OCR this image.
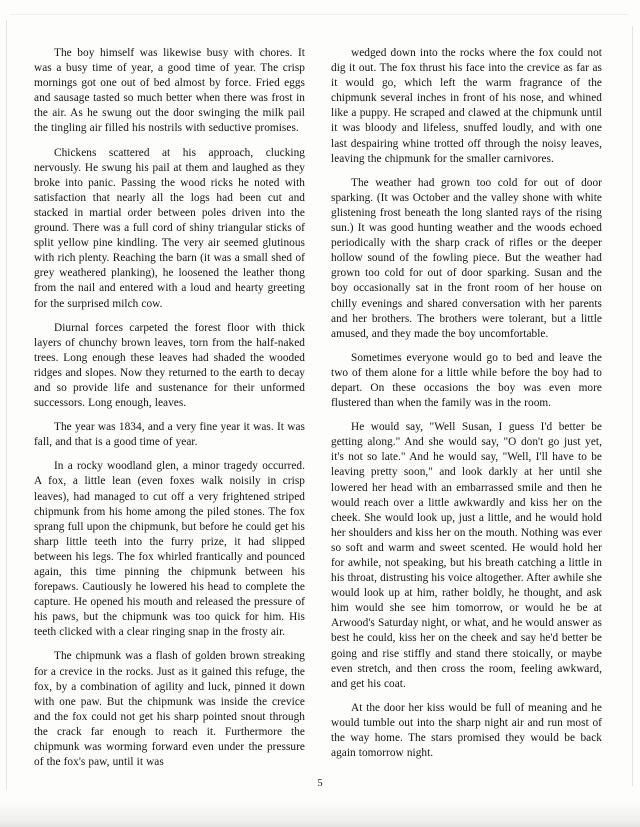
The boy himself was likewise busy with chores. It was a busy time of year, a good time of year. The crisp mornings got one out of bed almost by force. Fried eggs and sausage tasted so much better when there was frost in the air. As he swung out the door swinging the milk pail the tingling air filled his nostrils with seductive promises.

Chickens scattered at his approach, clucking nervously. He swung his pail at them and laughed as they broke into panic. Passing the wood ricks he noted with satisfaction that nearly all the logs had been cut and stacked in martial order between poles driven into the ground. There was a full cord of shiny triangular sticks of split yellow pine kindling. The very air seemed glutinous with rich plenty. Reaching the barn (it was a small shed of grey weathered planking), he loosened the leather thong from the nail and entered with a loud and hearty greeting for the surprised milch cow.

Diurnal forces carpeted the forest floor with thick layers of chunchy brown leaves, torn from the half-naked trees. Long enough these leaves had shaded the wooded ridges and slopes. Now they returned to the earth to decay and so provide life and sustenance for their unformed successors. Long enough, leaves.

The year was 1834, and a very fine year it was. It was fall, and that is a good time of year.

In a rocky woodland glen, a minor tragedy occurred. A fox, a little lean (even foxes walk noisily in crisp leaves), had managed to cut off a very frightened striped chipmunk from his home among the piled stones. The fox sprang full upon the chipmunk, but before he could get his sharp little teeth into the furry prize, it had slipped between his legs. The fox whirled frantically and pounced again, this time pinning the chipmunk between his forepaws. Cautiously he lowered his head to complete the capture. He opened his mouth and released the pressure of his paws, but the chipmunk was too quick for him. His teeth clicked with a clear ringing snap in the frosty air.

The chipmunk was a flash of golden brown streaking for a crevice in the rocks. Just as it gained this refuge, the fox, by a combination of agility and luck, pinned it down with one paw. But the chipmunk was inside the crevice and the fox could not get his sharp pointed snout through the crack far enough to reach it. Furthermore the chipmunk was worming forward even under the pressure of the fox's paw, until it was

wedged down into the rocks where the fox could not dig it out. The fox thrust his face into the crevice as far as it would go, which left the warm fragrance of the chipmunk several inches in front of his nose, and whined like a puppy. He scraped and clawed at the chipmunk until it was bloody and lifeless, snuffed loudly, and with one last despairing whine trotted off through the noisy leaves, leaving the chipmunk for the smaller carnivores.

The weather had grown too cold for out of door sparking. (It was October and the valley shone with white glistening frost beneath the long slanted rays of the rising sun.) It was good hunting weather and the woods echoed periodically with the sharp crack of rifles or the deeper hollow sound of the fowling piece. But the weather had grown too cold for out of door sparking. Susan and the boy occasionally sat in the front room of her house on chilly evenings and shared conversation with her parents and her brothers. The brothers were tolerant, but a little amused, and they made the boy uncomfortable.

Sometimes everyone would go to bed and leave the two of them alone for a little while before the boy had to depart. On these occasions the boy was even more flustered than when the family was in the room.

He would say, "Well Susan, I guess I'd better be getting along." And she would say, "O don't go just yet, it's not so late." And he would say, "Well, I'll have to be leaving pretty soon," and look darkly at her until she lowered her head with an embarrassed smile and then he would reach over a little awkwardly and kiss her on the cheek. She would look up, just a little, and he would hold her shoulders and kiss her on the mouth. Nothing was ever so soft and warm and sweet scented. He would hold her for awhile, not speaking, but his breath catching a little in his throat, distrusting his voice altogether. After awhile she would look up at him, rather boldly, he thought, and ask him would she see him tomorrow, or would he be at Arwood's Saturday night, or what, and he would answer as best he could, kiss her on the cheek and say he'd better be going and rise stiffly and stand there stoically, or maybe even stretch, and then cross the room, feeling awkward, and get his coat.

At the door her kiss would be full of meaning and he would tumble out into the sharp night air and run most of the way home. The stars promised they would be back again tomorrow night.

5
